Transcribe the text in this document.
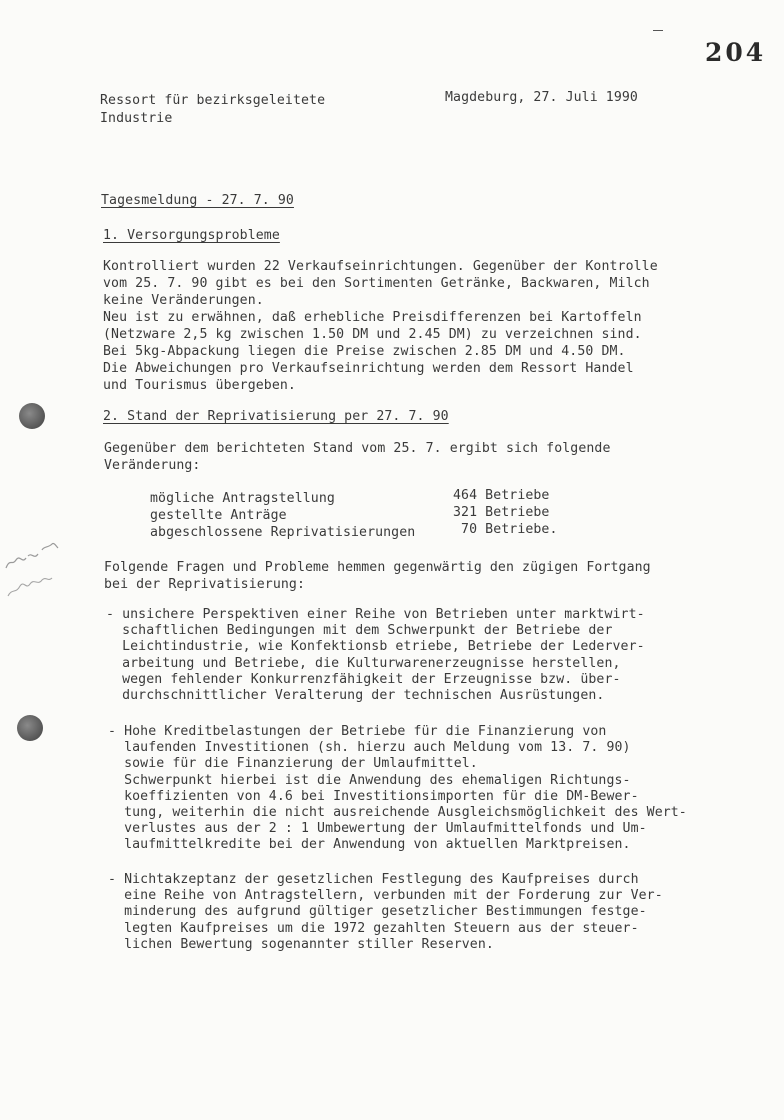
204
Ressort für bezirksgeleitete
Industrie
Magdeburg, 27. Juli 1990
Tagesmeldung - 27. 7. 90
1. Versorgungsprobleme
Kontrolliert wurden 22 Verkaufseinrichtungen. Gegenüber der Kontrolle
vom 25. 7. 90 gibt es bei den Sortimenten Getränke, Backwaren, Milch
keine Veränderungen.
Neu ist zu erwähnen, daß erhebliche Preisdifferenzen bei Kartoffeln
(Netzware 2,5 kg zwischen 1.50 DM und 2.45 DM) zu verzeichnen sind.
Bei 5kg-Abpackung liegen die Preise zwischen 2.85 DM und 4.50 DM.
Die Abweichungen pro Verkaufseinrichtung werden dem Ressort Handel
und Tourismus übergeben.
2. Stand der Reprivatisierung per 27. 7. 90
Gegenüber dem berichteten Stand vom 25. 7. ergibt sich folgende
Veränderung:
mögliche Antragstellung	464 Betriebe
gestellte Anträge	321 Betriebe
abgeschlossene Reprivatisierungen	70 Betriebe.
Folgende Fragen und Probleme hemmen gegenwärtig den zügigen Fortgang
bei der Reprivatisierung:
- unsichere Perspektiven einer Reihe von Betrieben unter marktwirt-
schaftlichen Bedingungen mit dem Schwerpunkt der Betriebe der
Leichtindustrie, wie Konfektionsb etriebe, Betriebe der Lederver-
arbeitung und Betriebe, die Kulturwarenerzeugnisse herstellen,
wegen fehlender Konkurrenzfähigkeit der Erzeugnisse bzw. über-
durchschnittlicher Veralterung der technischen Ausrüstungen.
- Hohe Kreditbelastungen der Betriebe für die Finanzierung von
laufenden Investitionen (sh. hierzu auch Meldung vom 13. 7. 90)
sowie für die Finanzierung der Umlaufmittel.
Schwerpunkt hierbei ist die Anwendung des ehemaligen Richtungs-
koeffizienten von 4.6 bei Investitionsimporten für die DM-Bewer-
tung, weiterhin die nicht ausreichende Ausgleichsmöglichkeit des Wert-
verlustes aus der 2 : 1 Umbewertung der Umlaufmittelfonds und Um-
laufmittelkredite bei der Anwendung von aktuellen Marktpreisen.
- Nichtakzeptanz der gesetzlichen Festlegung des Kaufpreises durch
eine Reihe von Antragstellern, verbunden mit der Forderung zur Ver-
minderung des aufgrund gültiger gesetzlicher Bestimmungen festge-
legten Kaufpreises um die 1972 gezahlten Steuern aus der steuer-
lichen Bewertung sogenannter stiller Reserven.
